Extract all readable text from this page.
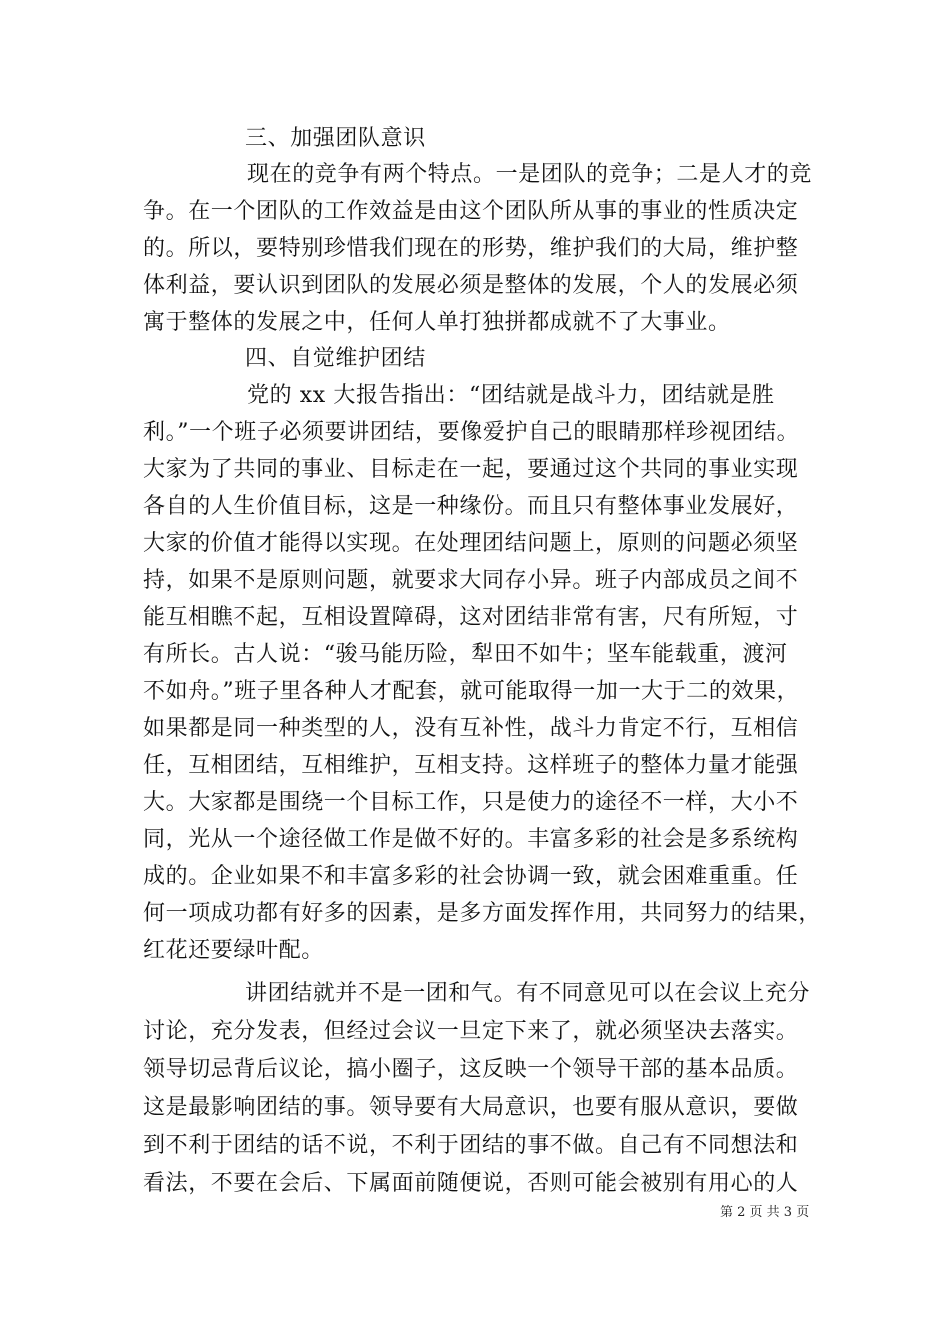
三、加强团队意识
现在的竞争有两个特点。一是团队的竞争；二是人才的竞
争。在一个团队的工作效益是由这个团队所从事的事业的性质决定
的。所以，要特别珍惜我们现在的形势，维护我们的大局，维护整
体利益，要认识到团队的发展必须是整体的发展，个人的发展必须
寓于整体的发展之中，任何人单打独拼都成就不了大事业。
四、自觉维护团结
党的 xx 大报告指出：“团结就是战斗力，团结就是胜
利。”一个班子必须要讲团结，要像爱护自己的眼睛那样珍视团结。
大家为了共同的事业、目标走在一起，要通过这个共同的事业实现
各自的人生价值目标，这是一种缘份。而且只有整体事业发展好，
大家的价值才能得以实现。在处理团结问题上，原则的问题必须坚
持，如果不是原则问题，就要求大同存小异。班子内部成员之间不
能互相瞧不起，互相设置障碍，这对团结非常有害，尺有所短，寸
有所长。古人说：“骏马能历险，犁田不如牛；坚车能载重，渡河
不如舟。”班子里各种人才配套，就可能取得一加一大于二的效果，
如果都是同一种类型的人，没有互补性，战斗力肯定不行，互相信
任，互相团结，互相维护，互相支持。这样班子的整体力量才能强
大。大家都是围绕一个目标工作，只是使力的途径不一样，大小不
同，光从一个途径做工作是做不好的。丰富多彩的社会是多系统构
成的。企业如果不和丰富多彩的社会协调一致，就会困难重重。任
何一项成功都有好多的因素，是多方面发挥作用，共同努力的结果，
红花还要绿叶配。
讲团结就并不是一团和气。有不同意见可以在会议上充分
讨论，充分发表，但经过会议一旦定下来了，就必须坚决去落实。
领导切忌背后议论，搞小圈子，这反映一个领导干部的基本品质。
这是最影响团结的事。领导要有大局意识，也要有服从意识，要做
到不利于团结的话不说，不利于团结的事不做。自己有不同想法和
看法，不要在会后、下属面前随便说，否则可能会被别有用心的人
第 2 页 共 3 页
